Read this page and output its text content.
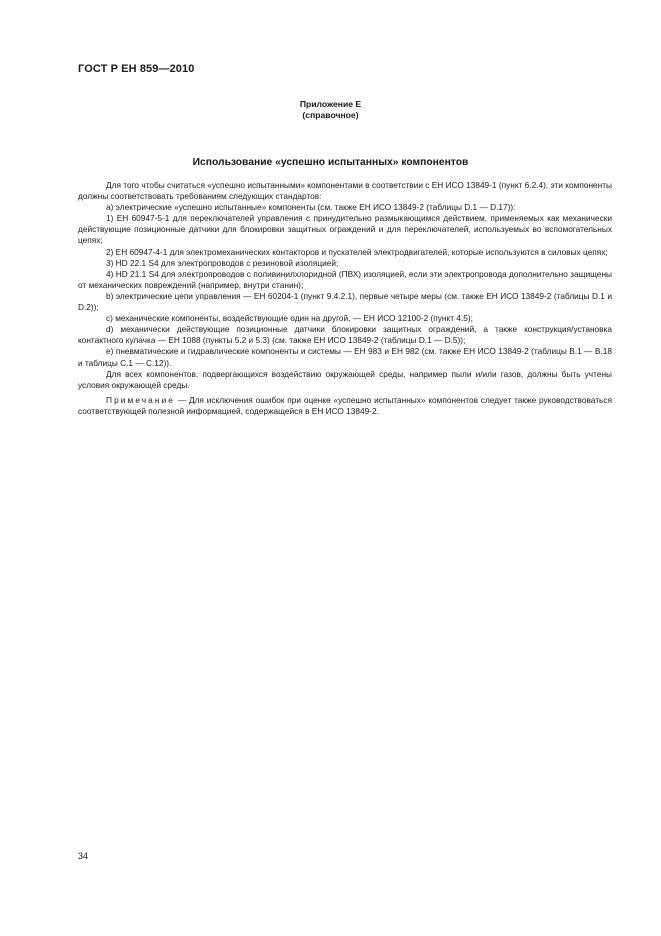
ГОСТ Р ЕН 859—2010
Приложение Е
(справочное)
Использование «успешно испытанных» компонентов

Для того чтобы считаться «успешно испытанными» компонентами в соответствии с ЕН ИСО 13849-1 (пункт 6.2.4), эти компоненты должны соответствовать требованиям следующих стандартов:

a) электрические «успешно испытанные» компоненты (см. также ЕН ИСО 13849-2 (таблицы D.1 — D.17)):

1) ЕН 60947-5-1 для переключателей управления с принудительно размыкающимся действием, применяемых как механически действующие позиционные датчики для блокировки защитных ограждений и для переключателей, используемых во вспомогательных цепях;

2) ЕН 60947-4-1 для электромеханических контакторов и пускателей электродвигателей, которые используются в силовых цепях;

3) HD 22.1 S4 для электропроводов с резиновой изоляцией;

4) HD 21.1 S4 для электропроводов с поливинилхлоридной (ПВХ) изоляцией, если эти электропровода дополнительно защищены от механических повреждений (например, внутри станин);

b) электрические цепи управления — ЕН 60204-1 (пункт 9.4.2.1), первые четыре меры (см. также ЕН ИСО 13849-2 (таблицы D.1 и D.2));

c) механические компоненты, воздействующие один на другой, — ЕН ИСО 12100-2 (пункт 4.5);

d) механически действующие позиционные датчики блокировки защитных ограждений, а также конструкция/установка контактного кулачка — ЕН 1088 (пункты 5.2 и 5.3) (см. также ЕН ИСО 13849-2 (таблицы D.1 — D.5));

e) пневматические и гидравлические компоненты и системы — ЕН 983 и ЕН 982 (см. также ЕН ИСО 13849-2 (таблицы B.1 — B.18 и таблицы C.1 — C.12)).

Для всех компонентов, подвергающихся воздействию окружающей среды, например пыли и/или газов, должны быть учтены условия окружающей среды.

Примечание — Для исключения ошибок при оценке «успешно испытанных» компонентов следует также руководствоваться соответствующей полезной информацией, содержащейся в ЕН ИСО 13849-2.

34
